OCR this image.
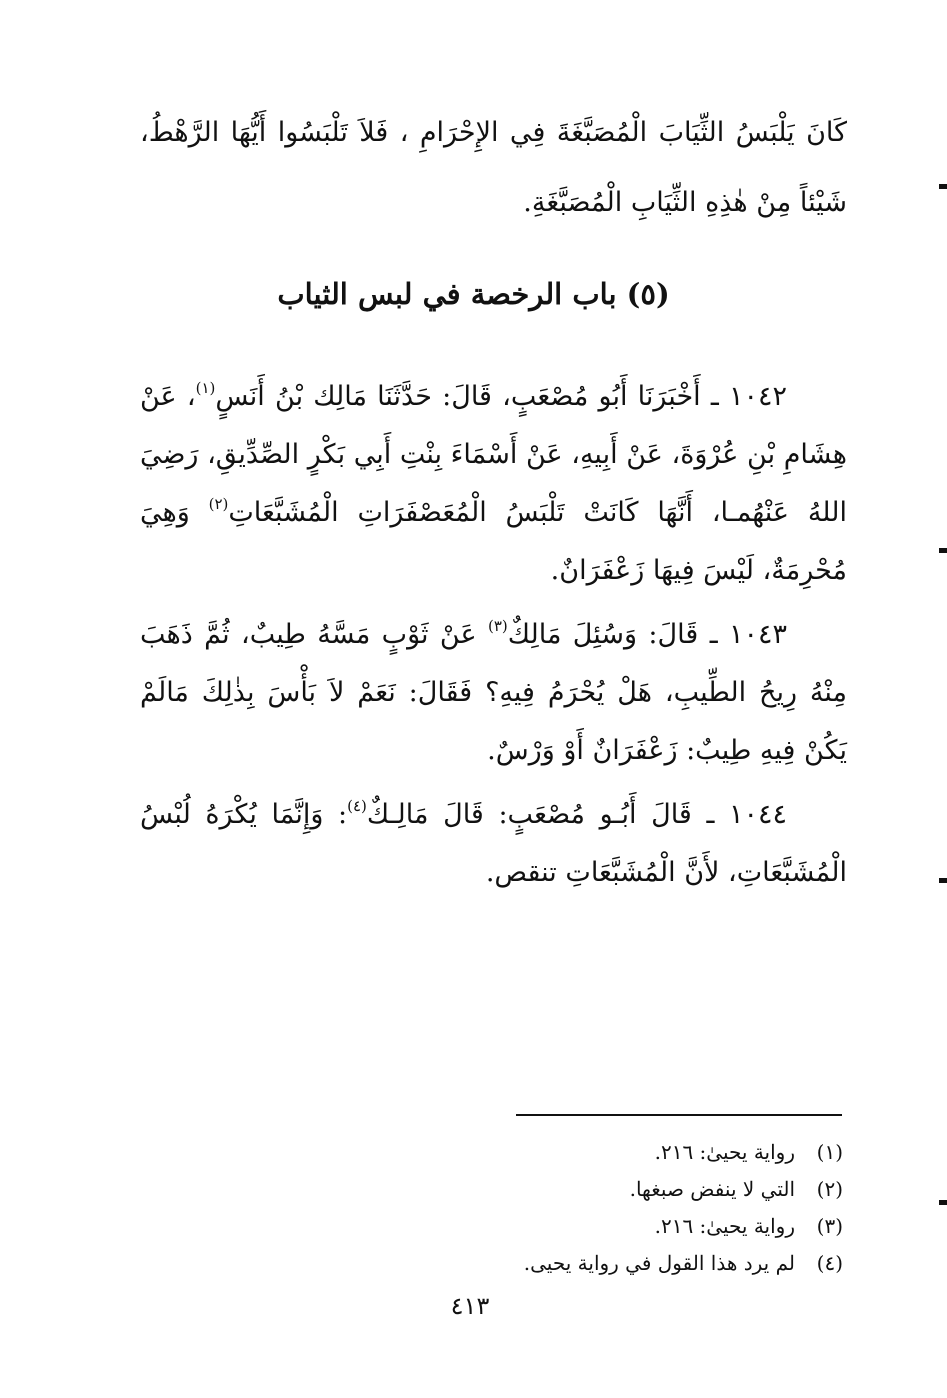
كَانَ يَلْبَسُ الثِّيَابَ الْمُصَبَّغَةَ فِي الإِحْرَامِ ، فَلاَ تَلْبَسُوا أَيُّهَا الرَّهْطُ، شَيْئاً مِنْ هٰذِهِ الثِّيَابِ الْمُصَبَّغَةِ.
(٥) باب الرخصة في لبس الثياب

١٠٤٢ ـ أَخْبَرَنَا أَبُو مُصْعَبٍ، قَالَ: حَدَّثَنَا مَالِك بْنُ أَنَسٍ$^{(١)}$، عَنْ هِشَامِ بْنِ عُرْوَةَ، عَنْ أَبِيهِ، عَنْ أَسْمَاءَ بِنْتِ أَبِي بَكْرٍ الصِّدِّيقِ، رَضِيَ اللهُ عَنْهُمـا، أَنَّهَا كَانَتْ تَلْبَسُ الْمُعَصْفَرَاتِ الْمُشَبَّعَاتِ$^{(٢)}$ وَهِيَ مُحْرِمَةٌ، لَيْسَ فِيهَا زَعْفَرَانٌ.

١٠٤٣ ـ قَالَ: وَسُئِلَ مَالِكٌ$^{(٣)}$ عَنْ ثَوْبٍ مَسَّهُ طِيبٌ، ثُمَّ ذَهَبَ مِنْهُ رِيحُ الطِّيبِ، هَلْ يُحْرَمُ فِيهِ؟ فَقَالَ: نَعَمْ لاَ بَأْسَ بِذٰلِكَ مَالَمْ يَكُنْ فِيهِ طِيبٌ: زَعْفَرَانٌ أَوْ وَرْسٌ.

١٠٤٤ ـ قَالَ أَبُـو مُصْعَبٍ: قَالَ مَالِـكٌ$^{(٤)}$: وَإِنَّمَا يُكْرَهُ لُبْسُ الْمُشَبَّعَاتِ، لأَنَّ الْمُشَبَّعَاتِ تنقص.

(١)رواية يحيىٰ: ٢١٦.
(٢)التي لا ينفض صبغها.
(٣)رواية يحيىٰ: ٢١٦.
(٤)لم يرد هذا القول في رواية يحيى.
٤١٣
